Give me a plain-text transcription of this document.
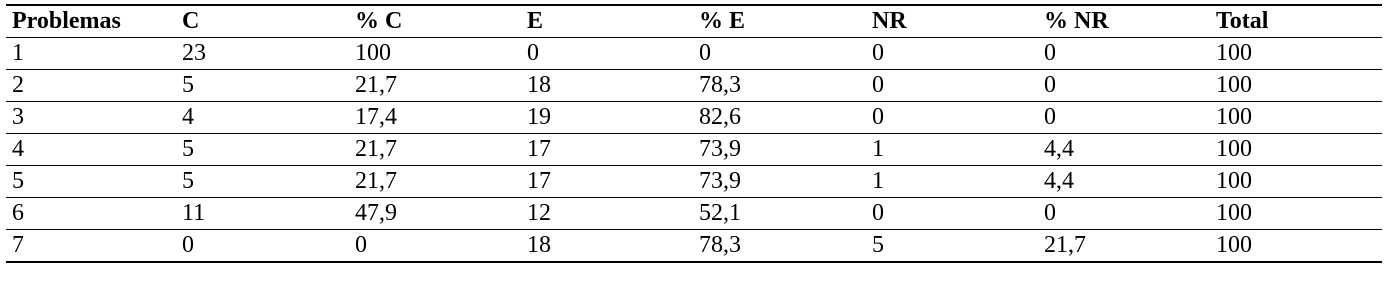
Problemas	C	% C	E	% E	NR	% NR	Total
1	23	100	0	0	0	0	100
2	5	21,7	18	78,3	0	0	100
3	4	17,4	19	82,6	0	0	100
4	5	21,7	17	73,9	1	4,4	100
5	5	21,7	17	73,9	1	4,4	100
6	11	47,9	12	52,1	0	0	100
7	0	0	18	78,3	5	21,7	100
